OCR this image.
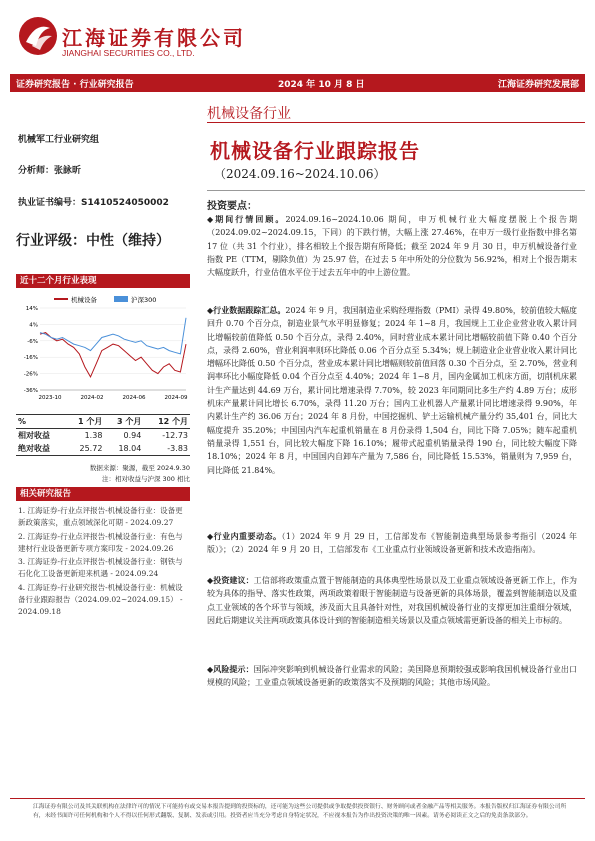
江海证券有限公司
JIANGHAI SECURITIES CO., LTD.
证券研究报告 · 行业研究报告	2024 年 10 月 8 日	江海证券研究发展部
机械设备行业
机械军工行业研究组
分析师：张詠昕
执业证书编号：S1410524050002
行业评级：中性（维持）
近十二个月行业表现
机械设备	沪深300
14%
4%
-6%
-16%
-26%
-36%
2023-10	2024-02	2024-06	2024-09
%	1 个月	3 个月	12 个月
相对收益	1.38	0.94	-12.73
绝对收益	25.72	18.04	-3.83
数据来源：聚源，截至 2024.9.30
注：相对收益与沪深 300 相比
相关研究报告

1. 江海证券-行业点评报告-机械设备行业：设备更新政策落实，重点领域深化可期 - 2024.09.27

2. 江海证券-行业点评报告-机械设备行业：有色与建材行业设备更新专项方案印发 - 2024.09.26

3. 江海证券-行业点评报告-机械设备行业：钢铁与石化化工设备更新迎来机遇 - 2024.09.24

4. 江海证券-行业研究报告-机械设备行业：机械设备行业跟踪报告（2024.09.02~2024.09.15） - 2024.09.18

机械设备行业跟踪报告
（2024.09.16~2024.10.06）
投资要点：

◆期间行情回顾。2024.09.16~2024.10.06 期间，申万机械行业大幅度摆脱上个报告期（2024.09.02~2024.09.15，下同）的下跌行情，大幅上涨 27.46%，在申万一级行业指数中排名第 17 位（共 31 个行业），排名相较上个报告期有所降低；截至 2024 年 9 月 30 日，申万机械设备行业指数 PE（TTM，剔除负值）为 25.97 倍，在过去 5 年中所处的分位数为 56.92%，相对上个报告期末大幅度跃升，行业估值水平位于过去五年中的中上游位置。

◆行业数据跟踪汇总。2024 年 9 月，我国制造业采购经理指数（PMI）录得 49.80%，较前值较大幅度回升 0.70 个百分点，制造业景气水平明显修复；2024 年 1~8 月，我国规上工业企业营业收入累计同比增幅较前值降低 0.50 个百分点，录得 2.40%，同时营业成本累计同比增幅较前值下降 0.40 个百分点，录得 2.60%，营业利润率则环比降低 0.06 个百分点至 5.34%；规上制造业企业营业收入累计同比增幅环比降低 0.50 个百分点，营业成本累计同比增幅则较前值回落 0.30 个百分点，至 2.70%，营业利润率环比小幅度降低 0.04 个百分点至 4.40%；2024 年 1~8 月，国内金属加工机床方面，切削机床累计生产量达到 44.69 万台，累计同比增速录得 7.70%，较 2023 年同期同比多生产约 4.89 万台；成形机床产量累计同比增长 6.70%，录得 11.20 万台；国内工业机器人产量累计同比增速录得 9.90%，年内累计生产约 36.06 万台；2024 年 8 月份，中国挖掘机、铲土运输机械产量分约 35,401 台，同比大幅度提升 35.20%；中国国内汽车起重机销量在 8 月份录得 1,504 台，同比下降 7.05%；随车起重机销量录得 1,551 台，同比较大幅度下降 16.10%；履带式起重机销量录得 190 台，同比较大幅度下降 18.10%；2024 年 8 月，中国国内自卸车产量为 7,586 台，同比降低 15.53%，销量则为 7,959 台，同比降低 21.84%。

◆行业内重要动态。（1）2024 年 9 月 29 日，工信部发布《智能制造典型场景参考指引（2024 年版）》；（2）2024 年 9 月 20 日，工信部发布《工业重点行业领域设备更新和技术改造指南》。

◆投资建议：工信部将政策重点置于智能制造的具体典型性场景以及工业重点领域设备更新工作上，作为较为具体的指导、落实性政策，两项政策着眼于智能制造与设备更新的具体场景，覆盖到智能制造以及重点工业领域的各个环节与领域，涉及面大且具备针对性，对我国机械设备行业的支撑更加注重细分领域，因此后期建议关注两项政策具体设计到的智能制造相关场景以及重点领域需更新设备的相关上市标的。

◆风险提示：国际冲突影响到机械设备行业需求的风险；美国降息预期较强或影响我国机械设备行业出口规模的风险；工业重点领域设备更新的政策落实不及预期的风险；其他市场风险。

江海证券有限公司及其关联机构在法律许可的情况下可能持有或交易本报告提到的投资标的，还可能为这些公司提供或争取提供投资银行、财务顾问或者金融产品等相关服务。本报告版权归江海证券有限公司所有，未经书面许可任何机构和个人不得以任何形式翻版、复制、发表或引用。投资者应当充分考虑自身特定状况，不应视本报告为作出投资决策的唯一因素。请务必阅读正文之后的免责条款部分。
